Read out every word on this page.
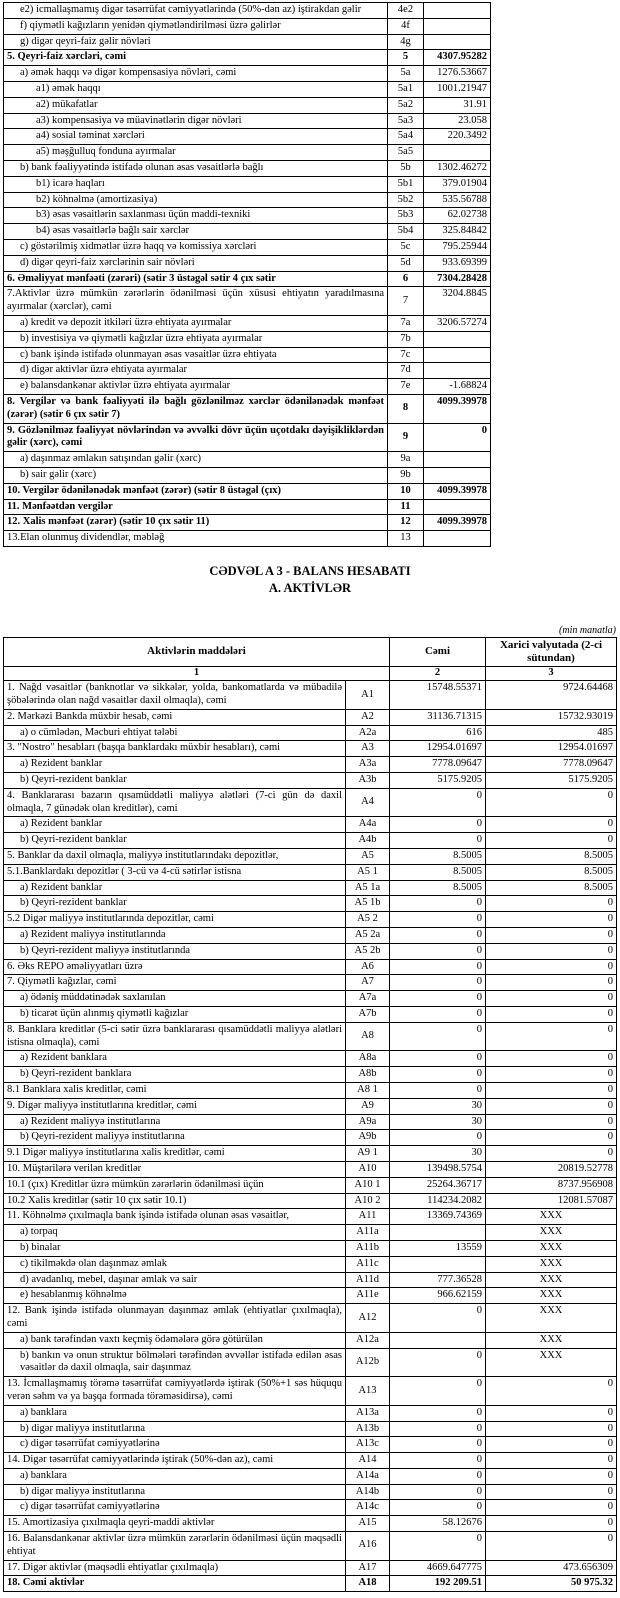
e2) icmallaşmamış digər təsərrüfat cəmiyyətlərində (50%-dən az) iştirakdan gəlir	4e2	
f) qiymətli kağızların yenidən qiymətləndirilməsi üzrə gəlirlər	4f	
g) digər qeyri-faiz gəlir növləri	4g	
5. Qeyri-faiz xərcləri, cəmi	5	4307.95282
a) əmək haqqı və digər kompensasiya növləri, cəmi	5a	1276.53667
a1) əmək haqqı	5a1	1001.21947
a2) mükafatlar	5a2	31.91
a3) kompensasiya və müavinətlərin digər növləri	5a3	23.058
a4) sosial təminat xərcləri	5a4	220.3492
a5) məşğulluq fonduna ayırmalar	5a5	
b) bank fəaliyyətində istifadə olunan əsas vəsaitlərlə bağlı	5b	1302.46272
b1) icarə haqları	5b1	379.01904
b2) köhnəlmə (amortizasiya)	5b2	535.56788
b3) əsas vəsaitlərin saxlanması üçün maddi-texniki	5b3	62.02738
b4) əsas vəsaitlərlə bağlı sair xərclər	5b4	325.84842
c) göstərilmiş xidmətlər üzrə haqq və komissiya xərcləri	5c	795.25944
d) digər qeyri-faiz xərclərinin sair növləri	5d	933.69399
6. Əməliyyat mənfəəti (zərəri) (sətir 3 üstəgəl sətir 4 çıx sətir	6	7304.28428
7.Aktivlər üzrə mümkün zərərlərin ödənilməsi üçün xüsusi ehtiyatın yaradılmasına ayırmalar (xərclər), cəmi	7	3204.8845
a) kredit və depozit itkiləri üzrə ehtiyata ayırmalar	7a	3206.57274
b) investisiya və qiymətli kağızlar üzrə ehtiyata ayırmalar	7b	
c) bank işində istifadə olunmayan əsas vəsaitlər üzrə ehtiyata	7c	
d) digər aktivlər üzrə ehtiyata ayırmalar	7d	
e) balansdankənar aktivlər üzrə ehtiyata ayırmalar	7e	-1.68824
8. Vergilər və bank fəaliyyəti ilə bağlı gözlənilməz xərclər ödənilənədək mənfəət (zərər) (sətir 6 çıx sətir 7)	8	4099.39978
9. Gözlənilməz fəaliyyət növlərindən və əvvəlki dövr üçün uçotdakı dəyişikliklərdən gəlir (xərc), cəmi	9	0
a) daşınmaz əmlakın satışından gəlir (xərc)	9a	
b) sair gəlir (xərc)	9b	
10. Vergilər ödənilənədək mənfəət (zərər) (sətir 8 üstəgəl (çıx)	10	4099.39978
11. Mənfəətdən vergilər	11	
12. Xalis mənfəət (zərər) (sətir 10 çıx sətir 11)	12	4099.39978
13.Elan olunmuş dividendlər, məbləğ	13	
CƏDVƏL A 3 - BALANS HESABATI
A. AKTİVLƏR
(min manatla)
Aktivlərin maddələri		Cəmi	Xarici valyutada (2-ci sütundan)
1		2	3
1. Nağd vəsaitlər (banknotlar və sikkələr, yolda, bankomatlarda və mübadilə şöbələrində olan nağd vəsaitlər daxil olmaqla), cəmi	A1	15748.55371	9724.64468
2. Mərkəzi Bankda müxbir hesab, cəmi	A2	31136.71315	15732.93019
a) o cümlədən, Məcburi ehtiyat tələbi	A2a	616	485
3. "Nostro" hesabları (başqa banklardakı müxbir hesabları), cəmi	A3	12954.01697	12954.01697
a) Rezident banklar	A3a	7778.09647	7778.09647
b) Qeyri-rezident banklar	A3b	5175.9205	5175.9205
4. Banklararası bazarın qısamüddətli maliyyə alətləri (7-ci gün də daxil olmaqla, 7 günədək olan kreditlər), cəmi	A4	0	0
a) Rezident banklar	A4a	0	0
b) Qeyri-rezident banklar	A4b	0	0
5. Banklar da daxil olmaqla, maliyyə institutlarındakı depozitlər,	A5	8.5005	8.5005
5.1.Banklardakı depozitlər ( 3-cü və 4-cü sətirlər istisna	A5 1	8.5005	8.5005
a) Rezident banklar	A5 1a	8.5005	8.5005
b) Qeyri-rezident banklar	A5 1b	0	0
5.2 Digər maliyyə institutlarında depozitlər, cəmi	A5 2	0	0
a) Rezident maliyyə institutlarında	A5 2a	0	0
b) Qeyri-rezident maliyyə institutlarında	A5 2b	0	0
6. Əks REPO əməliyyatları üzrə	A6	0	0
7. Qiymətli kağızlar, cəmi	A7	0	0
a) ödəniş müddətinədək saxlanılan	A7a	0	0
b) ticarət üçün alınmış qiymətli kağızlar	A7b	0	0
8. Banklara kreditlər (5-ci sətir üzrə banklararası qısamüddətli maliyyə alətləri istisna olmaqla), cəmi	A8	0	0
a) Rezident banklara	A8a	0	0
b) Qeyri-rezident banklara	A8b	0	0
8.1 Banklara xalis kreditlər, cəmi	A8 1	0	0
9. Digər maliyyə institutlarına kreditlər, cəmi	A9	30	0
a) Rezident maliyyə institutlarına	A9a	30	0
b) Qeyri-rezident maliyyə institutlarına	A9b	0	0
9.1 Digər maliyyə institutlarına xalis kreditlər, cəmi	A9 1	30	0
10. Müştərilərə verilən kreditlər	A10	139498.5754	20819.52778
10.1 (çıx) Kreditlər üzrə mümkün zərərlərin ödənilməsi üçün	A10 1	25264.36717	8737.956908
10.2 Xalis kreditlər (sətir 10 çıx sətir 10.1)	A10 2	114234.2082	12081.57087
11. Köhnəlmə çıxılmaqla bank işində istifadə olunan əsas vəsaitlər,	A11	13369.74369	XXX
a) torpaq	A11a		XXX
b) binalar	A11b	13559	XXX
c) tikilməkdə olan daşınmaz əmlak	A11c		XXX
d) avadanlıq, mebel, daşınar əmlak və sair	A11d	777.36528	XXX
e) hesablanmış köhnəlmə	A11e	966.62159	XXX
12. Bank işində istifadə olunmayan daşınmaz əmlak (ehtiyatlar çıxılmaqla), cəmi	A12	0	XXX
a) bank tərəfindən vaxtı keçmiş ödəmələrə görə götürülən	A12a		XXX
b) bankın və onun struktur bölmələri tərəfindən əvvəllər istifadə edilən əsas vəsaitlər də daxil olmaqla, sair daşınmaz	A12b	0	XXX
13. İcmallaşmamış törəmə təsərrüfat cəmiyyətlərdə iştirak (50%+1 səs hüququ verən səhm və ya başqa formada törəməsidirsə), cəmi	A13	0	0
a) banklara	A13a	0	0
b) digər maliyyə institutlarına	A13b	0	0
c) digər təsərrüfat cəmiyyətlərinə	A13c	0	0
14. Digər təsərrüfat cəmiyyətlərində iştirak (50%-dən az), cəmi	A14	0	0
a) banklara	A14a	0	0
b) digər maliyyə institutlarına	A14b	0	0
c) digər təsərrüfat cəmiyyətlərinə	A14c	0	0
15. Amortizasiya çıxılmaqla qeyri-maddi aktivlər	A15	58.12676	0
16. Balansdankənar aktivlər üzrə mümkün zərərlərin ödənilməsi üçün məqsədli ehtiyat	A16	0	0
17. Digər aktivlər (məqsədli ehtiyatlar çıxılmaqla)	A17	4669.647775	473.656309
18. Cəmi aktivlər	A18	192 209.51	50 975.32
